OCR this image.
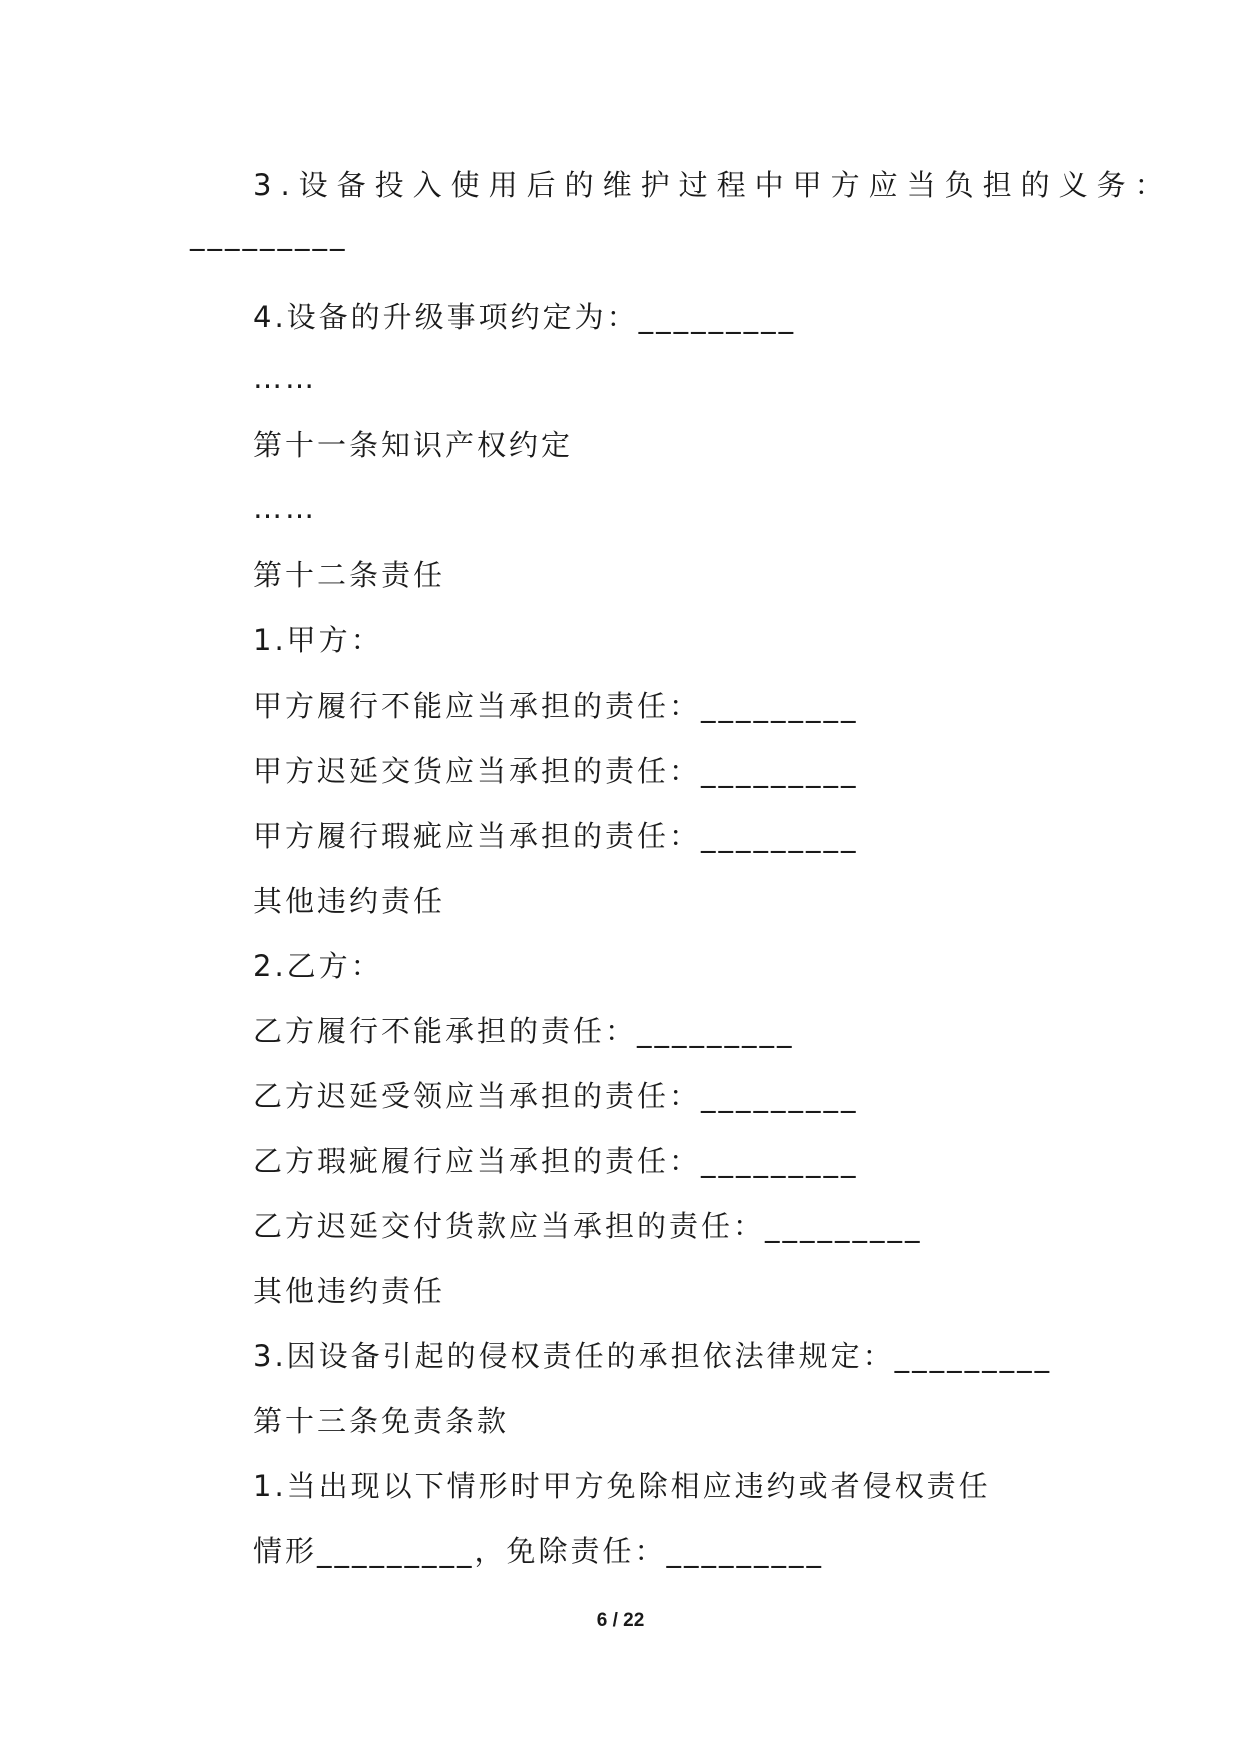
3.设备投入使用后的维护过程中甲方应当负担的义务：

_________

4.设备的升级事项约定为：_________

……

第十一条知识产权约定

……

第十二条责任

1.甲方：

甲方履行不能应当承担的责任：_________

甲方迟延交货应当承担的责任：_________

甲方履行瑕疵应当承担的责任：_________

其他违约责任

2.乙方：

乙方履行不能承担的责任：_________

乙方迟延受领应当承担的责任：_________

乙方瑕疵履行应当承担的责任：_________

乙方迟延交付货款应当承担的责任：_________

其他违约责任

3.因设备引起的侵权责任的承担依法律规定：_________

第十三条免责条款

1.当出现以下情形时甲方免除相应违约或者侵权责任

情形_________，免除责任：_________

6 / 22
